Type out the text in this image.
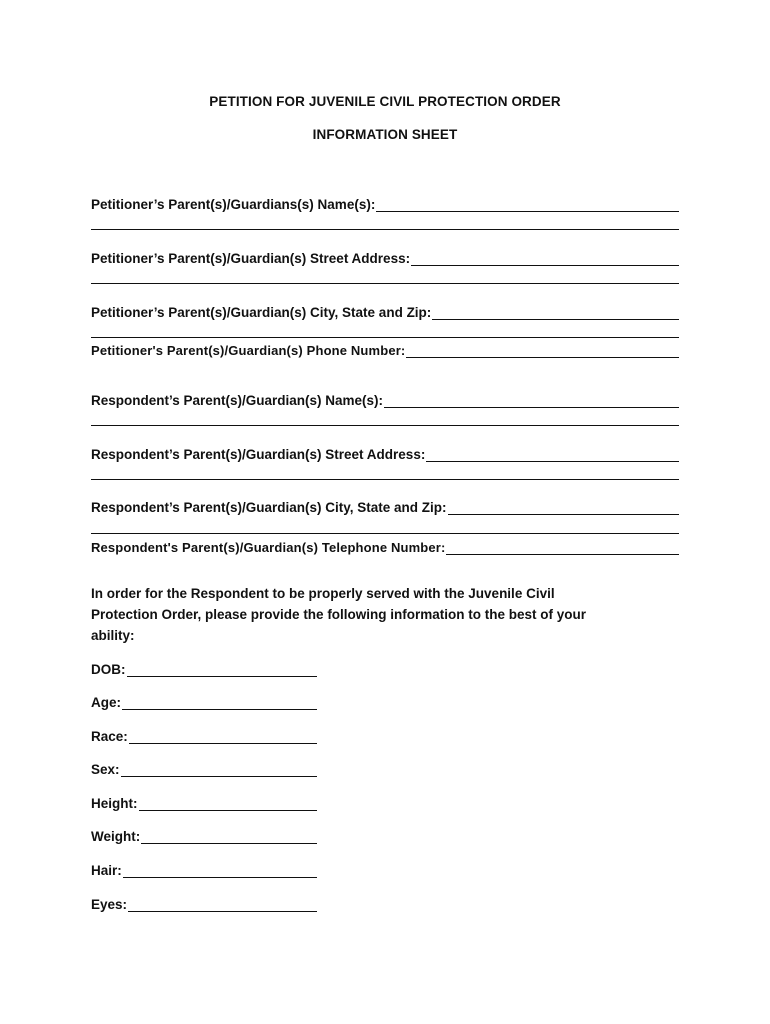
PETITION FOR JUVENILE CIVIL PROTECTION ORDER
INFORMATION SHEET
Petitioner’s Parent(s)/Guardians(s) Name(s):
Petitioner’s Parent(s)/Guardian(s) Street Address:
Petitioner’s Parent(s)/Guardian(s) City, State and Zip:
Petitioner's Parent(s)/Guardian(s) Phone Number:
Respondent’s Parent(s)/Guardian(s) Name(s):
Respondent’s Parent(s)/Guardian(s) Street Address:
Respondent’s Parent(s)/Guardian(s) City, State and Zip:
Respondent's Parent(s)/Guardian(s) Telephone Number:
In order for the Respondent to be properly served with the Juvenile Civil
Protection Order, please provide the following information to the best of your
ability:
DOB:
Age:
Race:
Sex:
Height:
Weight:
Hair:
Eyes:
